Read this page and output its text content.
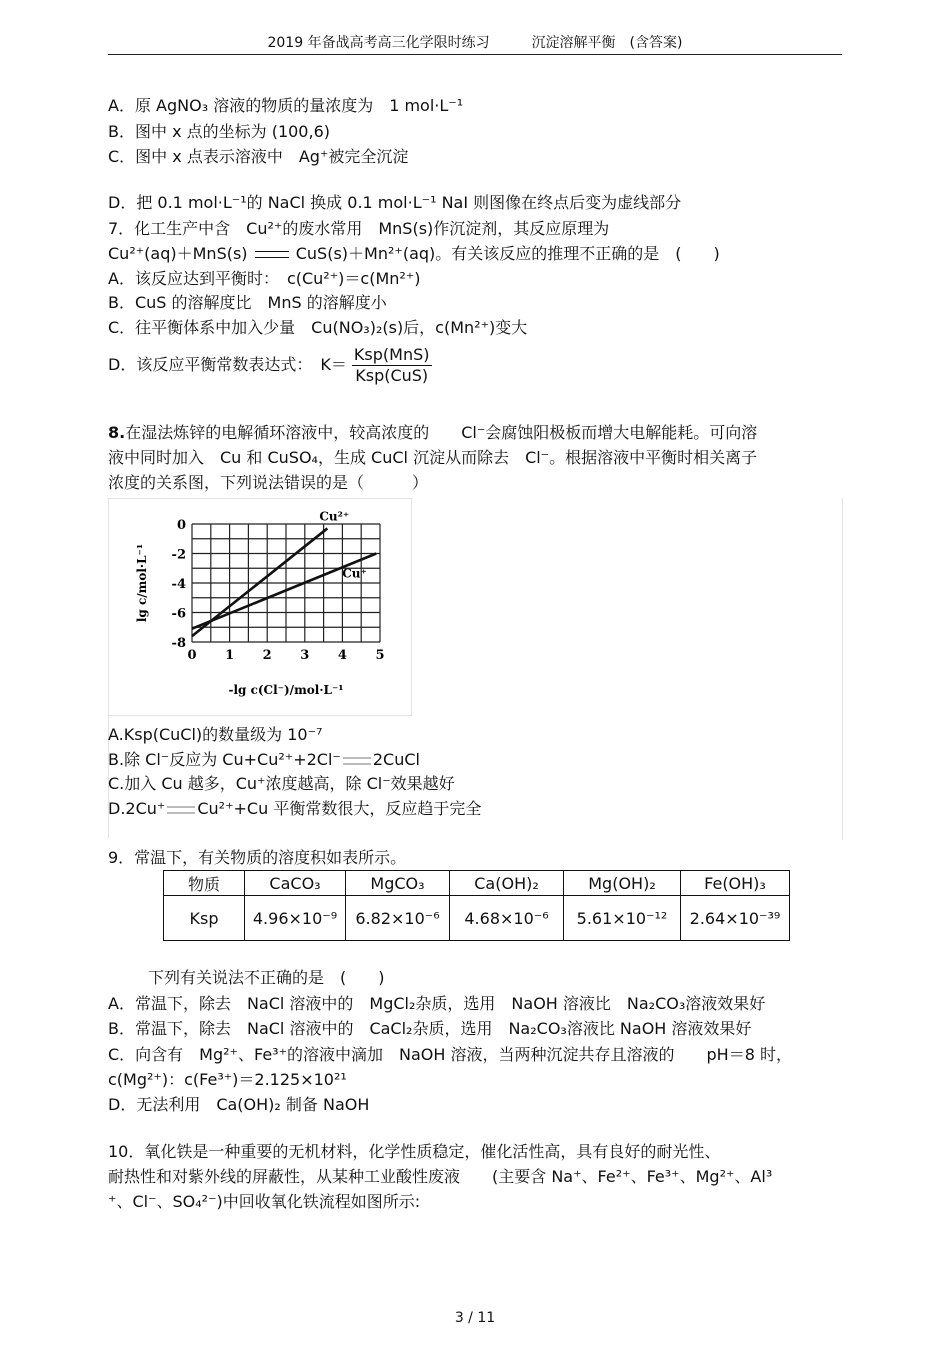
2019 年备战高考高三化学限时练习　　　沉淀溶解平衡　(含答案)
A．原 AgNO₃ 溶液的物质的量浓度为　1 mol·L⁻¹
B．图中 x 点的坐标为 (100,6)
C．图中 x 点表示溶液中　Ag⁺被完全沉淀
D．把 0.1 mol·L⁻¹的 NaCl 换成 0.1 mol·L⁻¹ NaI 则图像在终点后变为虚线部分
7．化工生产中含　Cu²⁺的废水常用　MnS(s)作沉淀剂，其反应原理为
Cu²⁺(aq)＋MnS(s)	CuS(s)＋Mn²⁺(aq)。有关该反应的推理不正确的是　(　　)
A．该反应达到平衡时：　c(Cu²⁺)＝c(Mn²⁺)
B．CuS 的溶解度比　MnS 的溶解度小
C．往平衡体系中加入少量　Cu(NO₃)₂(s)后，c(Mn²⁺)变大
D．该反应平衡常数表达式：　$K= \frac{\text{Ksp(MnS)}}{\text{Ksp(CuS)}}$
8.在湿法炼锌的电解循环溶液中，较高浓度的　　Cl⁻会腐蚀阳极板而增大电解能耗。可向溶
液中同时加入　Cu 和 CuSO₄，生成 CuCl 沉淀从而除去　Cl⁻。根据溶液中平衡时相关离子
浓度的关系图，下列说法错误的是（　　　）
0 1 2 3 4 5
0
-2
-4
-6
-8
-lg c(Cl⁻)/mol·L⁻¹
lg c/mol·L⁻¹
Cu²⁺
Cu⁺
A.Ksp(CuCl)的数量级为 10⁻⁷
B.除 Cl⁻反应为 Cu+Cu²⁺+2Cl⁻ 2CuCl
C.加入 Cu 越多，Cu⁺浓度越高，除 Cl⁻效果越好
D.2Cu⁺ Cu²⁺+Cu 平衡常数很大，反应趋于完全
9．常温下，有关物质的溶度积如表所示。
物质	CaCO₃	MgCO₃	Ca(OH)₂	Mg(OH)₂	Fe(OH)₃
Ksp	4.96×10⁻⁹	6.82×10⁻⁶	4.68×10⁻⁶	5.61×10⁻¹²	2.64×10⁻³⁹
下列有关说法不正确的是　(　　)
A．常温下，除去　NaCl 溶液中的　MgCl₂杂质，选用　NaOH 溶液比　Na₂CO₃溶液效果好
B．常温下，除去　NaCl 溶液中的　CaCl₂杂质，选用　Na₂CO₃溶液比 NaOH 溶液效果好
C．向含有　Mg²⁺、Fe³⁺的溶液中滴加　NaOH 溶液，当两种沉淀共存且溶液的　　pH＝8 时，
c(Mg²⁺)：c(Fe³⁺)＝2.125×10²¹
D．无法利用　Ca(OH)₂ 制备 NaOH
10．氧化铁是一种重要的无机材料，化学性质稳定，催化活性高，具有良好的耐光性、
耐热性和对紫外线的屏蔽性，从某种工业酸性废液　　(主要含 Na⁺、Fe²⁺、Fe³⁺、Mg²⁺、Al³
⁺、Cl⁻、SO₄²⁻)中回收氧化铁流程如图所示:
3 / 11
